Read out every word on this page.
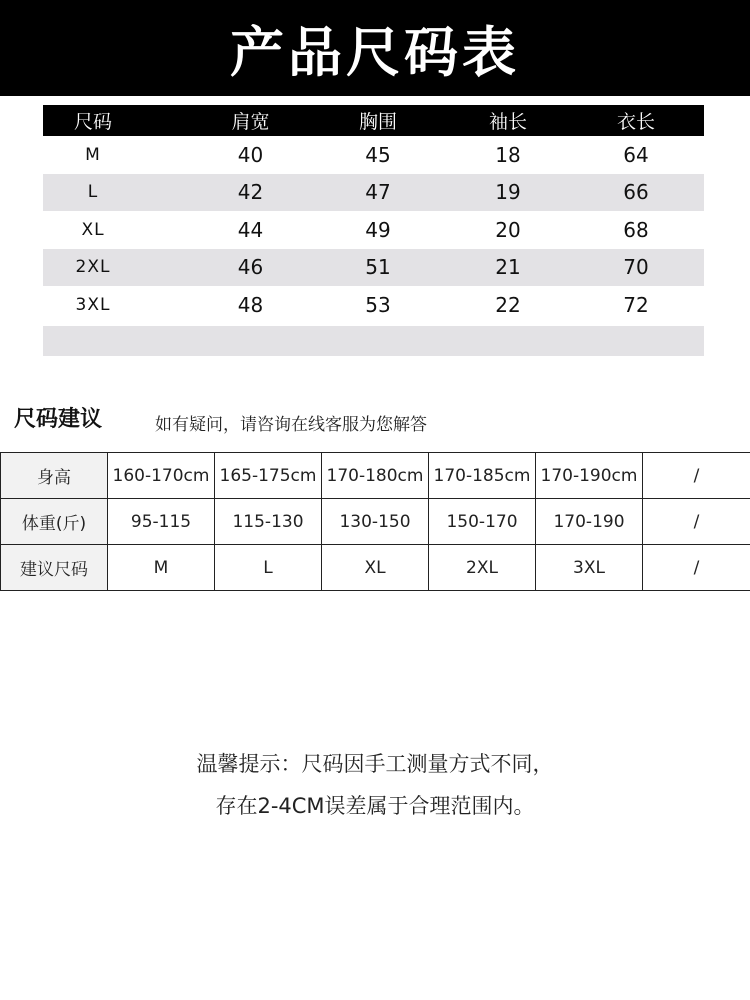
产品尺码表
尺码	肩宽	胸围	袖长	衣长
M	40	45	18	64
L	42	47	19	66
XL	44	49	20	68
2XL	46	51	21	70
3XL	48	53	22	72
尺码建议	如有疑问，请咨询在线客服为您解答
身高	160-170cm	165-175cm	170-180cm	170-185cm	170-190cm	/
体重(斤)	95-115	115-130	130-150	150-170	170-190	/
建议尺码	M	L	XL	2XL	3XL	/
温馨提示：尺码因手工测量方式不同，
存在2-4CM误差属于合理范围内。
